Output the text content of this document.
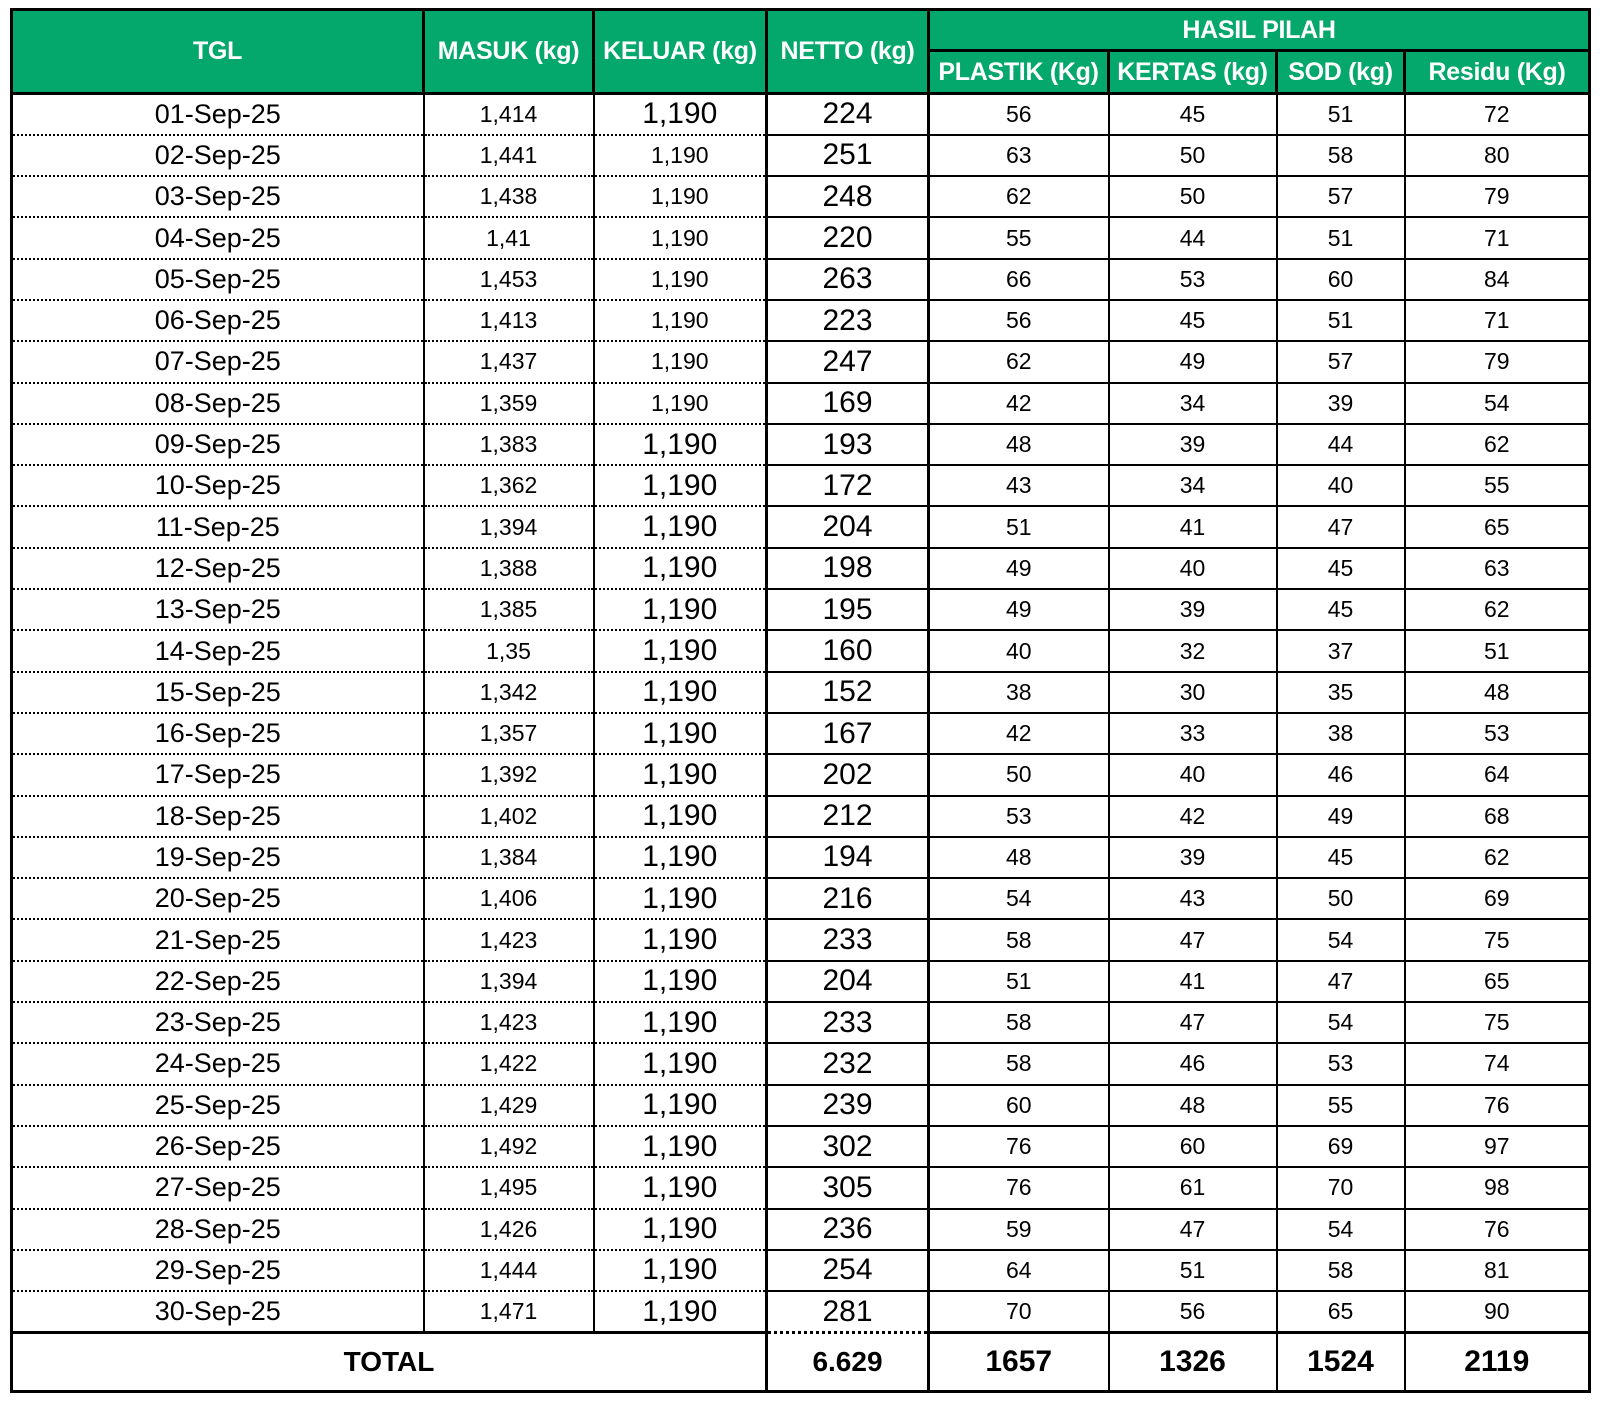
TGL	MASUK (kg)	KELUAR (kg)	NETTO (kg)	HASIL PILAH			
				PLASTIK (Kg)	KERTAS (kg)	SOD (kg)	Residu (Kg)
01-Sep-25	1,414	1,190	224	56	45	51	72
02-Sep-25	1,441	1,190	251	63	50	58	80
03-Sep-25	1,438	1,190	248	62	50	57	79
04-Sep-25	1,41	1,190	220	55	44	51	71
05-Sep-25	1,453	1,190	263	66	53	60	84
06-Sep-25	1,413	1,190	223	56	45	51	71
07-Sep-25	1,437	1,190	247	62	49	57	79
08-Sep-25	1,359	1,190	169	42	34	39	54
09-Sep-25	1,383	1,190	193	48	39	44	62
10-Sep-25	1,362	1,190	172	43	34	40	55
11-Sep-25	1,394	1,190	204	51	41	47	65
12-Sep-25	1,388	1,190	198	49	40	45	63
13-Sep-25	1,385	1,190	195	49	39	45	62
14-Sep-25	1,35	1,190	160	40	32	37	51
15-Sep-25	1,342	1,190	152	38	30	35	48
16-Sep-25	1,357	1,190	167	42	33	38	53
17-Sep-25	1,392	1,190	202	50	40	46	64
18-Sep-25	1,402	1,190	212	53	42	49	68
19-Sep-25	1,384	1,190	194	48	39	45	62
20-Sep-25	1,406	1,190	216	54	43	50	69
21-Sep-25	1,423	1,190	233	58	47	54	75
22-Sep-25	1,394	1,190	204	51	41	47	65
23-Sep-25	1,423	1,190	233	58	47	54	75
24-Sep-25	1,422	1,190	232	58	46	53	74
25-Sep-25	1,429	1,190	239	60	48	55	76
26-Sep-25	1,492	1,190	302	76	60	69	97
27-Sep-25	1,495	1,190	305	76	61	70	98
28-Sep-25	1,426	1,190	236	59	47	54	76
29-Sep-25	1,444	1,190	254	64	51	58	81
30-Sep-25	1,471	1,190	281	70	56	65	90
TOTAL			6.629	1657	1326	1524	2119
